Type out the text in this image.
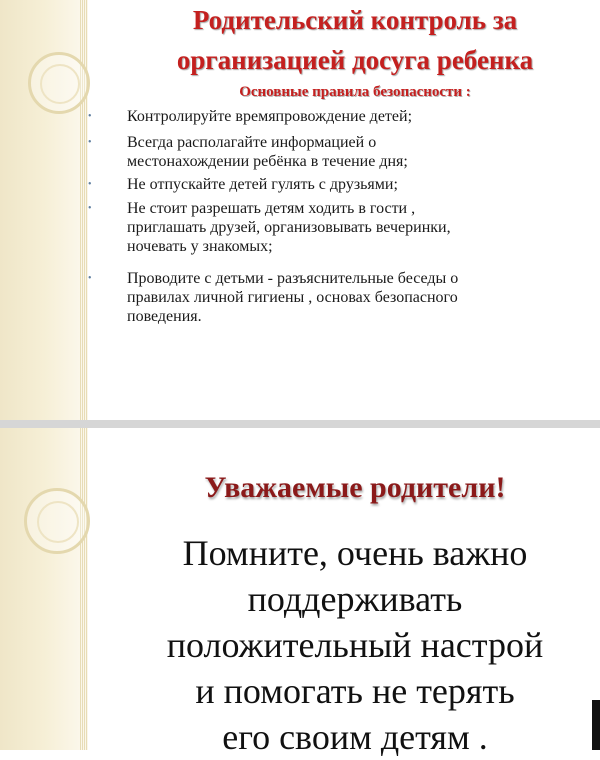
Родительский контроль за
организацией досуга ребенка
Основные правила безопасности :
• Контролируйте времяпровождение детей;
• Всегда располагайте информацией о
местонахождении ребёнка в течение дня;
• Не отпускайте детей гулять с друзьями;
• Не стоит разрешать детям ходить в гости ,
приглашать друзей, организовывать вечеринки,
ночевать у знакомых;
• Проводите с детьми - разъяснительные беседы о
правилах личной гигиены , основах безопасного
поведения.
Уважаемые родители!
Помните, очень важно
поддерживать
положительный настрой
и помогать не терять
его своим детям .
